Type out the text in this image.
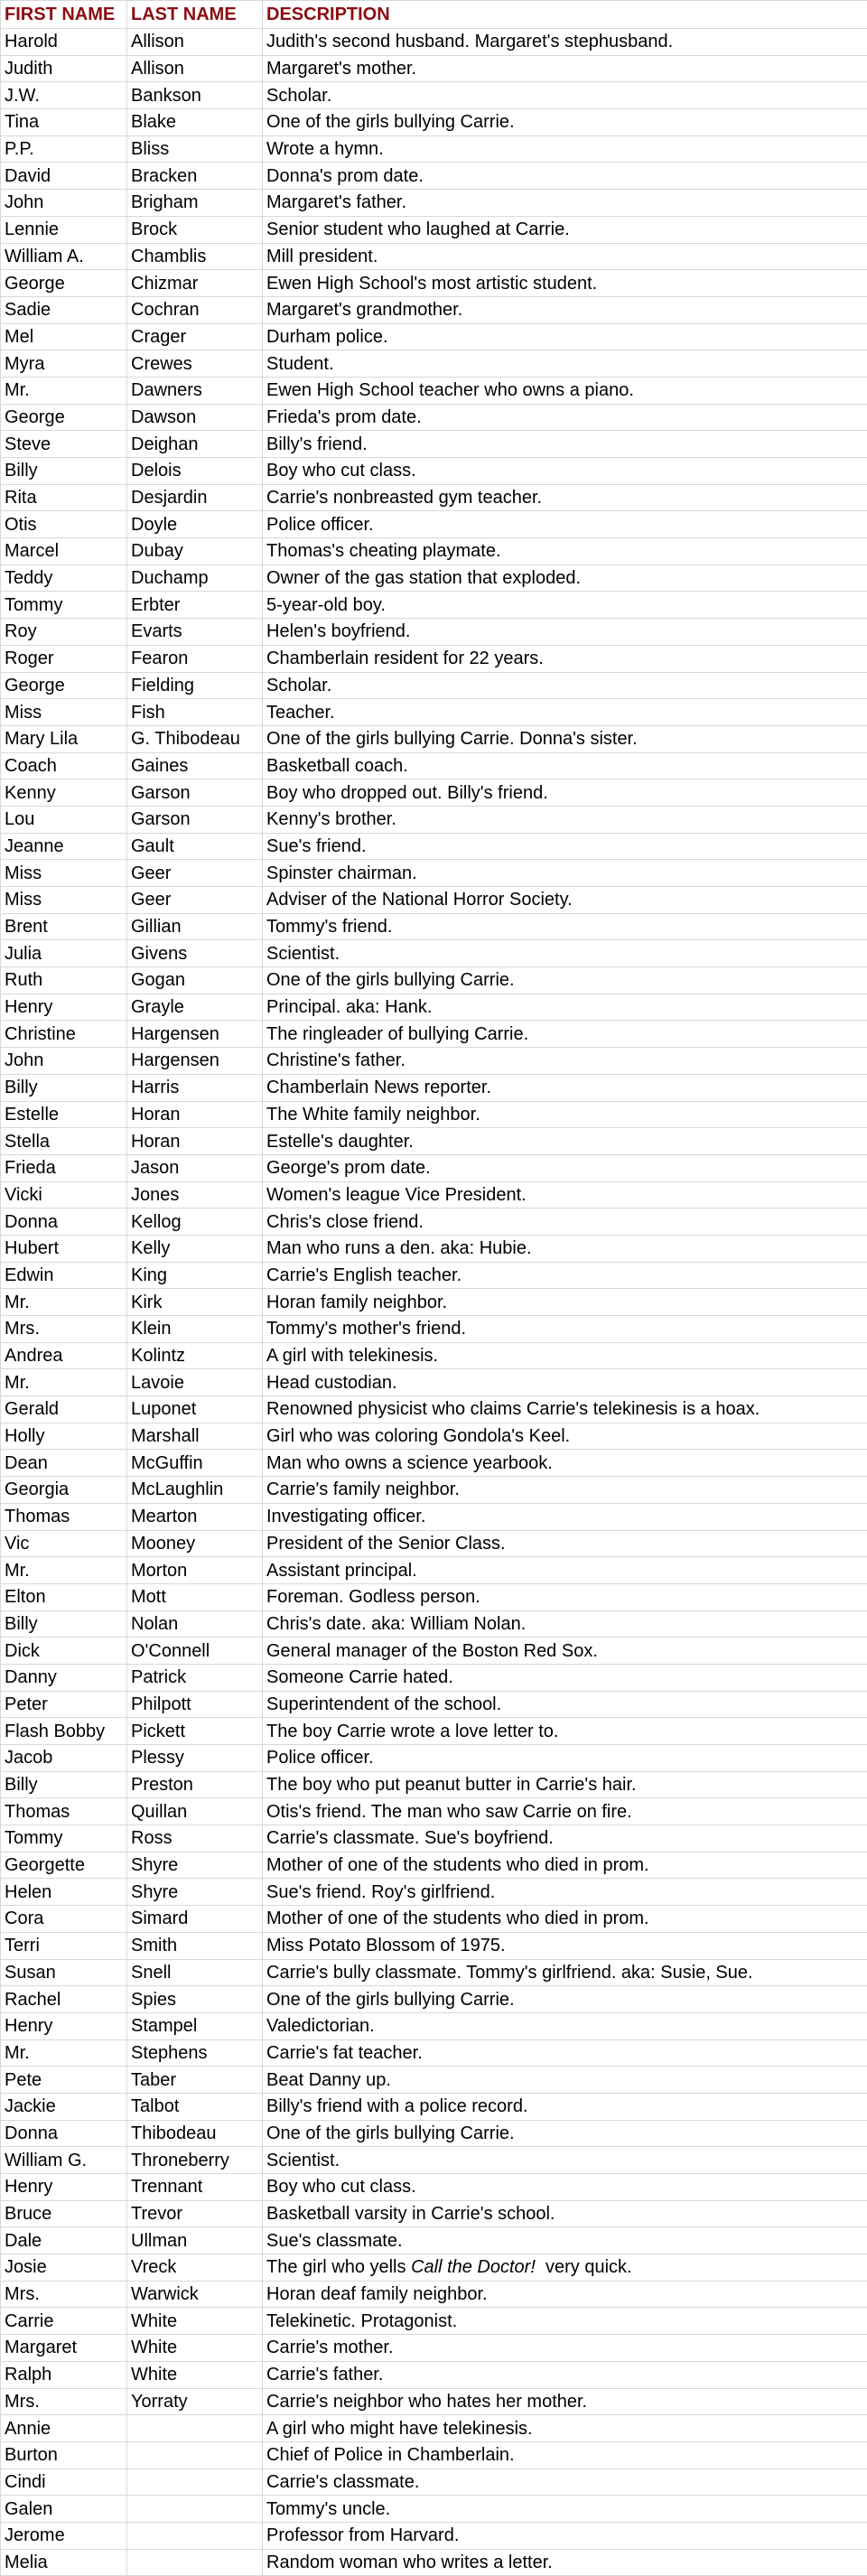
FIRST NAME	LAST NAME	DESCRIPTION
Harold	Allison	Judith's second husband. Margaret's stephusband.
Judith	Allison	Margaret's mother.
J.W.	Bankson	Scholar.
Tina	Blake	One of the girls bullying Carrie.
P.P.	Bliss	Wrote a hymn.
David	Bracken	Donna's prom date.
John	Brigham	Margaret's father.
Lennie	Brock	Senior student who laughed at Carrie.
William A.	Chamblis	Mill president.
George	Chizmar	Ewen High School's most artistic student.
Sadie	Cochran	Margaret's grandmother.
Mel	Crager	Durham police.
Myra	Crewes	Student.
Mr.	Dawners	Ewen High School teacher who owns a piano.
George	Dawson	Frieda's prom date.
Steve	Deighan	Billy's friend.
Billy	Delois	Boy who cut class.
Rita	Desjardin	Carrie's nonbreasted gym teacher.
Otis	Doyle	Police officer.
Marcel	Dubay	Thomas's cheating playmate.
Teddy	Duchamp	Owner of the gas station that exploded.
Tommy	Erbter	5-year-old boy.
Roy	Evarts	Helen's boyfriend.
Roger	Fearon	Chamberlain resident for 22 years.
George	Fielding	Scholar.
Miss	Fish	Teacher.
Mary Lila	G. Thibodeau	One of the girls bullying Carrie. Donna's sister.
Coach	Gaines	Basketball coach.
Kenny	Garson	Boy who dropped out. Billy's friend.
Lou	Garson	Kenny's brother.
Jeanne	Gault	Sue's friend.
Miss	Geer	Spinster chairman.
Miss	Geer	Adviser of the National Horror Society.
Brent	Gillian	Tommy's friend.
Julia	Givens	Scientist.
Ruth	Gogan	One of the girls bullying Carrie.
Henry	Grayle	Principal. aka: Hank.
Christine	Hargensen	The ringleader of bullying Carrie.
John	Hargensen	Christine's father.
Billy	Harris	Chamberlain News reporter.
Estelle	Horan	The White family neighbor.
Stella	Horan	Estelle's daughter.
Frieda	Jason	George's prom date.
Vicki	Jones	Women's league Vice President.
Donna	Kellog	Chris's close friend.
Hubert	Kelly	Man who runs a den. aka: Hubie.
Edwin	King	Carrie's English teacher.
Mr.	Kirk	Horan family neighbor.
Mrs.	Klein	Tommy's mother's friend.
Andrea	Kolintz	A girl with telekinesis.
Mr.	Lavoie	Head custodian.
Gerald	Luponet	Renowned physicist who claims Carrie's telekinesis is a hoax.
Holly	Marshall	Girl who was coloring Gondola's Keel.
Dean	McGuffin	Man who owns a science yearbook.
Georgia	McLaughlin	Carrie's family neighbor.
Thomas	Mearton	Investigating officer.
Vic	Mooney	President of the Senior Class.
Mr.	Morton	Assistant principal.
Elton	Mott	Foreman. Godless person.
Billy	Nolan	Chris's date. aka: William Nolan.
Dick	O'Connell	General manager of the Boston Red Sox.
Danny	Patrick	Someone Carrie hated.
Peter	Philpott	Superintendent of the school.
Flash Bobby	Pickett	The boy Carrie wrote a love letter to.
Jacob	Plessy	Police officer.
Billy	Preston	The boy who put peanut butter in Carrie's hair.
Thomas	Quillan	Otis's friend. The man who saw Carrie on fire.
Tommy	Ross	Carrie's classmate. Sue's boyfriend.
Georgette	Shyre	Mother of one of the students who died in prom.
Helen	Shyre	Sue's friend. Roy's girlfriend.
Cora	Simard	Mother of one of the students who died in prom.
Terri	Smith	Miss Potato Blossom of 1975.
Susan	Snell	Carrie's bully classmate. Tommy's girlfriend. aka: Susie, Sue.
Rachel	Spies	One of the girls bullying Carrie.
Henry	Stampel	Valedictorian.
Mr.	Stephens	Carrie's fat teacher.
Pete	Taber	Beat Danny up.
Jackie	Talbot	Billy's friend with a police record.
Donna	Thibodeau	One of the girls bullying Carrie.
William G.	Throneberry	Scientist.
Henry	Trennant	Boy who cut class.
Bruce	Trevor	Basketball varsity in Carrie's school.
Dale	Ullman	Sue's classmate.
Josie	Vreck	The girl who yells Call the Doctor!  very quick.
Mrs.	Warwick	Horan deaf family neighbor.
Carrie	White	Telekinetic. Protagonist.
Margaret	White	Carrie's mother.
Ralph	White	Carrie's father.
Mrs.	Yorraty	Carrie's neighbor who hates her mother.
Annie		A girl who might have telekinesis.
Burton		Chief of Police in Chamberlain.
Cindi		Carrie's classmate.
Galen		Tommy's uncle.
Jerome		Professor from Harvard.
Melia		Random woman who writes a letter.
